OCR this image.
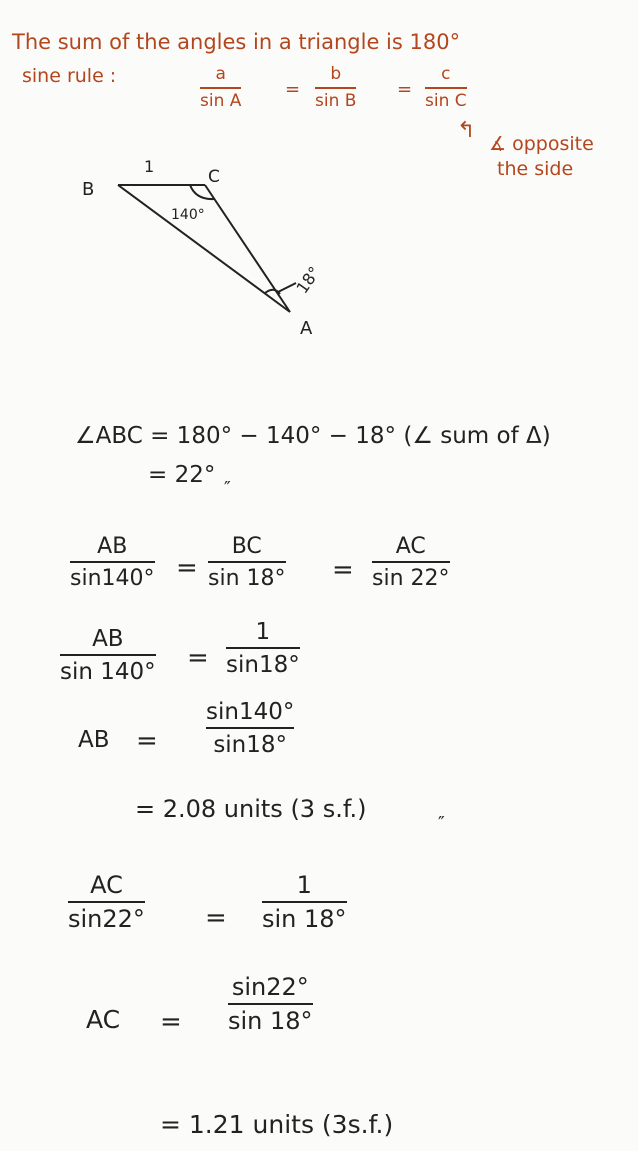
The sum of the angles in a triangle is 180°
sine rule :	a
sin A
=
b
sin B
=
c
sin C
↰
∡ opposite
the side
B
C
A
1
140°
18°
∠ABC = 180° − 140° − 18° (∠ sum of Δ)
= 22°
″
AB
sin140° =
BC
sin 18° =
AC
sin 22°
AB
sin 140° =
1
sin18°
AB =
sin140°
sin18°
= 2.08 units (3 s.f.)
″
AC
sin22° =
1
sin 18°
AC =
sin22°
sin 18°
= 1.21 units (3s.f.)
